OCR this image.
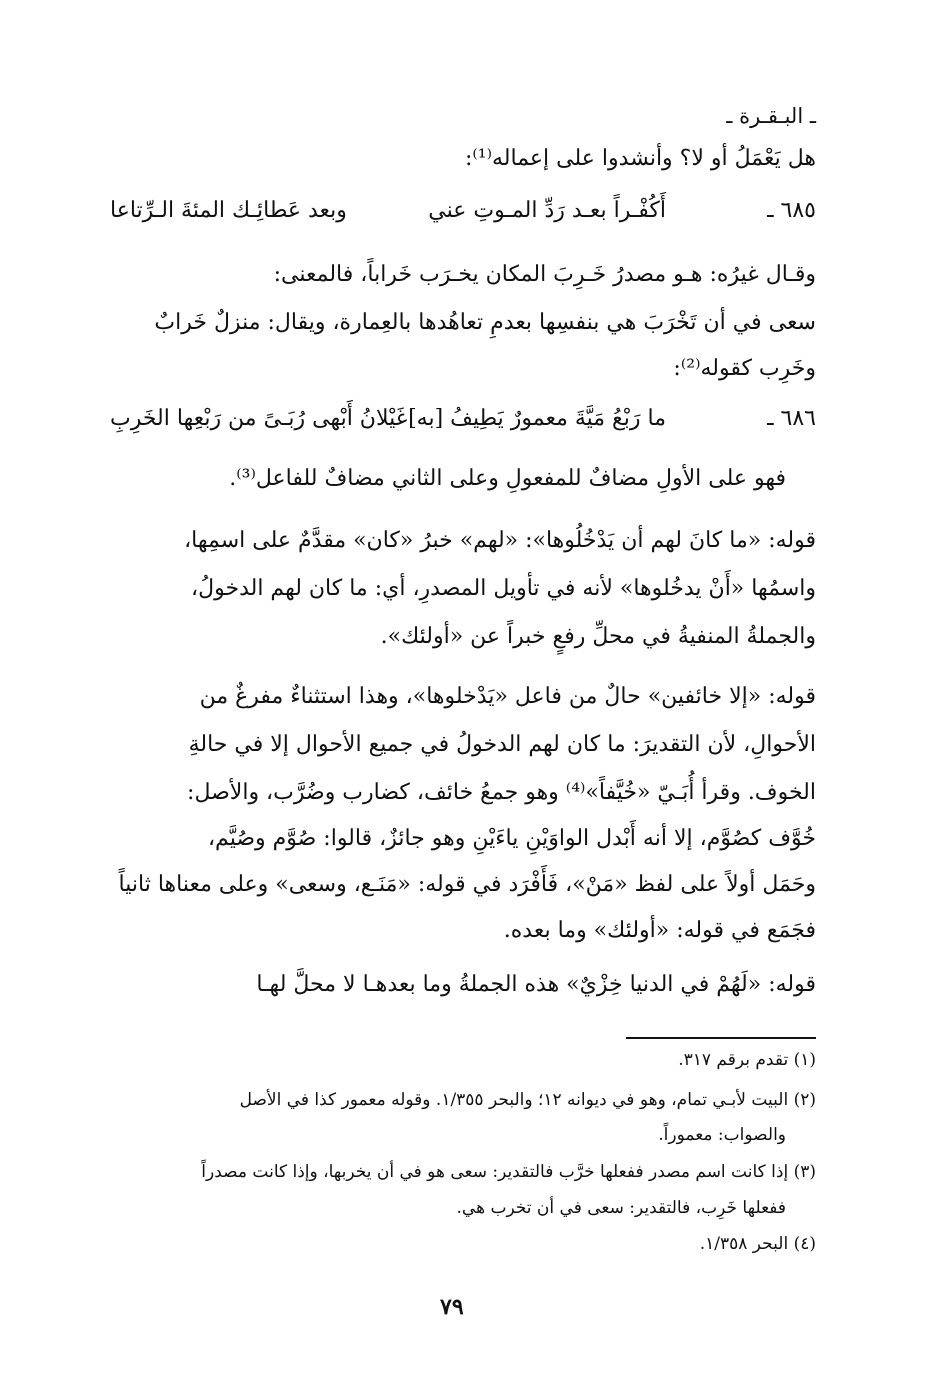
ـ البـقـرة ـ
هل يَعْمَلُ أو لا؟ وأنشدوا على إعماله⁽¹⁾:
٦٨٥ ـ
أَكُفْـراً بعـد رَدِّ المـوتِ عني
وبعد عَطائِـك المئةَ الـرِّتاعا
وقـال غيرُه: هـو مصدرُ خَـرِبَ المكان يخـرَب خَراباً، فالمعنى:
سعى في أن تَخْرَبَ هي بنفسِها بعدمِ تعاهُدها بالعِمارة، ويقال: منزلٌ خَرابٌ
وخَرِب كقوله⁽²⁾:
٦٨٦ ـ
ما رَبْعُ مَيَّةَ معمورٌ يَطِيفُ [به]
غَيْلانُ أَبْهى رُبَـىً من رَبْعِها الخَرِبِ
فهو على الأولِ مضافٌ للمفعولِ وعلى الثاني مضافٌ للفاعل⁽³⁾.
قوله: «ما كانَ لهم أن يَدْخُلُوها»: «لهم» خبرُ «كان» مقدَّمٌ على اسمِها،
واسمُها «أَنْ يدخُلوها» لأنه في تأويل المصدرِ، أي: ما كان لهم الدخولُ،
والجملةُ المنفيةُ في محلِّ رفعٍ خبراً عن «أولئك».
قوله: «إلا خائفين» حالٌ من فاعل «يَدْخلوها»، وهذا استثناءٌ مفرغٌ من
الأحوالِ، لأن التقديرَ: ما كان لهم الدخولُ في جميع الأحوال إلا في حالةِ
الخوف. وقرأ أُبَـيّ «خُيَّفاً»⁽⁴⁾ وهو جمعُ خائف، كضارب وضُرَّب، والأصل:
خُوَّف كصُوَّم، إلا أنه أَبْدل الواوَيْنِ ياءَيْنِ وهو جائزٌ، قالوا: صُوَّم وصُيَّم،
وحَمَل أولاً على لفظ «مَنْ»، فَأَفْرَد في قوله: «مَنَـع، وسعى» وعلى معناها ثانياً
فجَمَع في قوله: «أولئك» وما بعده.
قوله: «لَهُمْ في الدنيا خِزْيٌ» هذه الجملةُ وما بعدهـا لا محلَّ لهـا
(١) تقدم برقم ٣١٧.
(٢) البيت لأبـي تمام، وهو في ديوانه ١٢؛ والبحر ١/٣٥٥. وقوله معمور كذا في الأصل
والصواب: معموراً.
(٣) إذا كانت اسم مصدر ففعلها خرَّب فالتقدير: سعى هو في أن يخربها، وإذا كانت مصدراً
ففعلها خَرِب، فالتقدير: سعى في أن تخرب هي.
(٤) البحر ١/٣٥٨.
٧٩
